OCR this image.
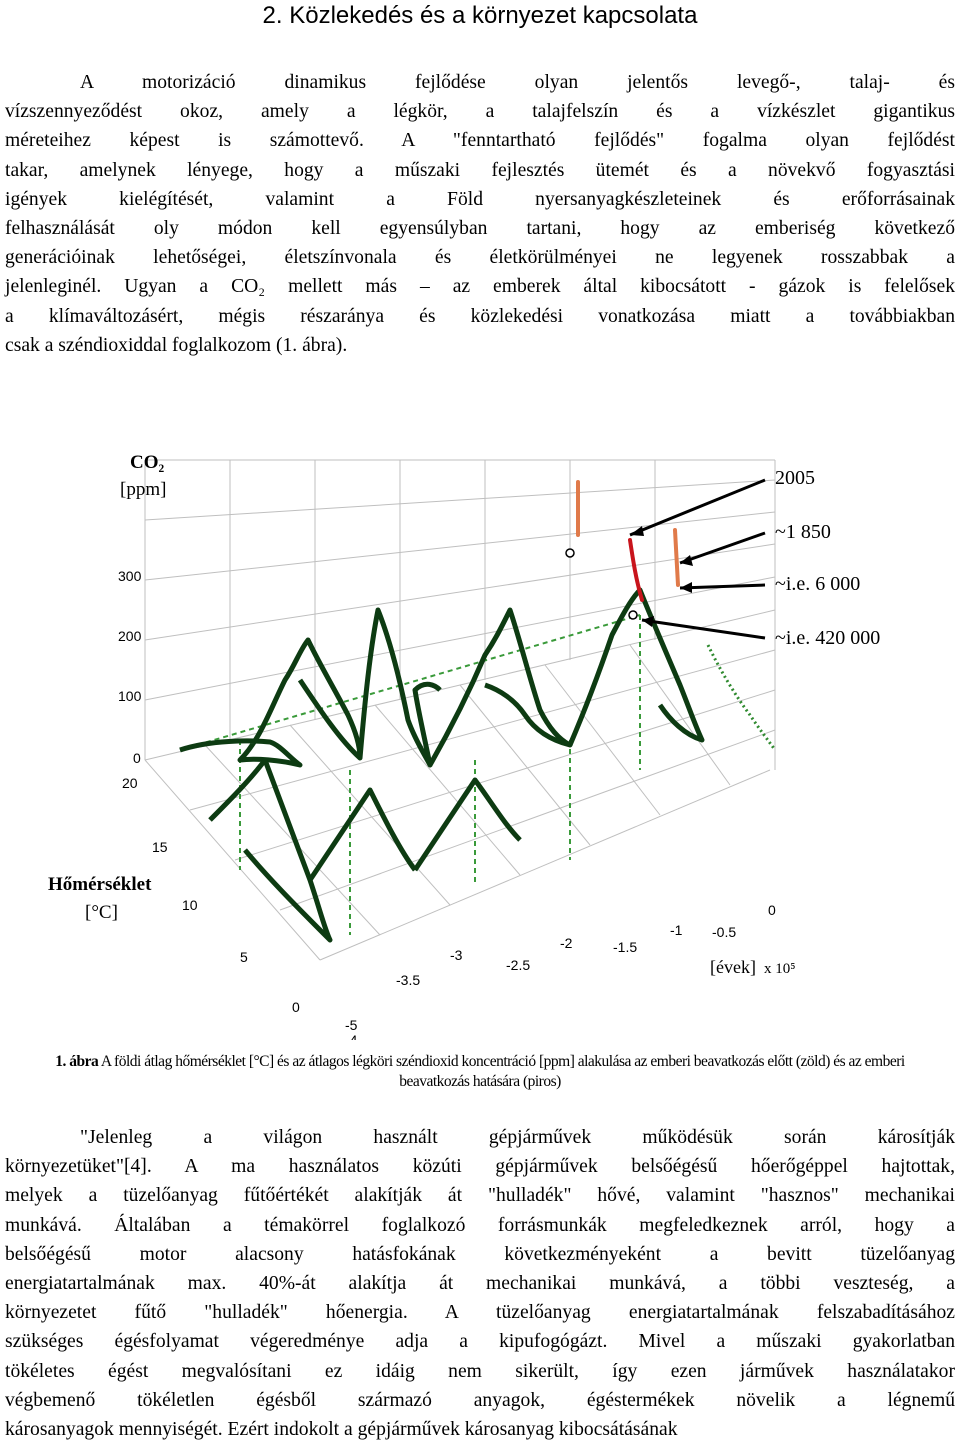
2. Közlekedés és a környezet kapcsolata
A motorizáció dinamikus fejlődése olyan jelentős levegő-, talaj- és
vízszennyeződést okoz, amely a légkör, a talajfelszín és a vízkészlet gigantikus
méreteihez képest is számottevő. A "fenntartható fejlődés" fogalma olyan fejlődést
takar, amelynek lényege, hogy a műszaki fejlesztés ütemét és a növekvő fogyasztási
igények kielégítését, valamint a Föld nyersanyagkészleteinek és erőforrásainak
felhasználását oly módon kell egyensúlyban tartani, hogy az emberiség következő
generációinak lehetőségei, életszínvonala és életkörülményei ne legyenek rosszabbak a
jelenleginél. Ugyan a CO₂ mellett más – az emberek által kibocsátott - gázok is felelősek
a klímaváltozásért, mégis részaránya és közlekedési vonatkozása miatt a továbbiakban
csak a széndioxiddal foglalkozom (1. ábra).
2005
~1 850
~i.e. 6 000
~i.e. 420 000
CO₂
[ppm]
300
200
100
0
20
15
10
5
0
-5
Hőmérséklet
[°C]
-4
-3.5
-3
-2.5
-2	-1.5
-1 -0.5
0
[évek] x 10⁵
1. ábra A földi átlag hőmérséklet [°C] és az átlagos légköri széndioxid koncentráció [ppm] alakulása az emberi beavatkozás előtt (zöld) és az emberi beavatkozás hatására (piros)
"Jelenleg a világon használt gépjárművek működésük során károsítják
környezetüket"[4]. A ma használatos közúti gépjárművek belsőégésű hőerőgéppel hajtottak,
melyek a tüzelőanyag fűtőértékét alakítják át "hulladék" hővé, valamint "hasznos" mechanikai
munkává. Általában a témakörrel foglalkozó forrásmunkák megfeledkeznek arról, hogy a
belsőégésű motor alacsony hatásfokának következményeként a bevitt tüzelőanyag
energiatartalmának max. 40%-át alakítja át mechanikai munkává, a többi veszteség, a
környezetet fűtő "hulladék" hőenergia. A tüzelőanyag energiatartalmának felszabadításához
szükséges égésfolyamat végeredménye adja a kipufogógázt. Mivel a műszaki gyakorlatban
tökéletes égést megvalósítani ez idáig nem sikerült, így ezen járművek használatakor
végbemenő tökéletlen égésből származó anyagok, égéstermékek növelik a légnemű
károsanyagok mennyiségét. Ezért indokolt a gépjárművek károsanyag kibocsátásának
